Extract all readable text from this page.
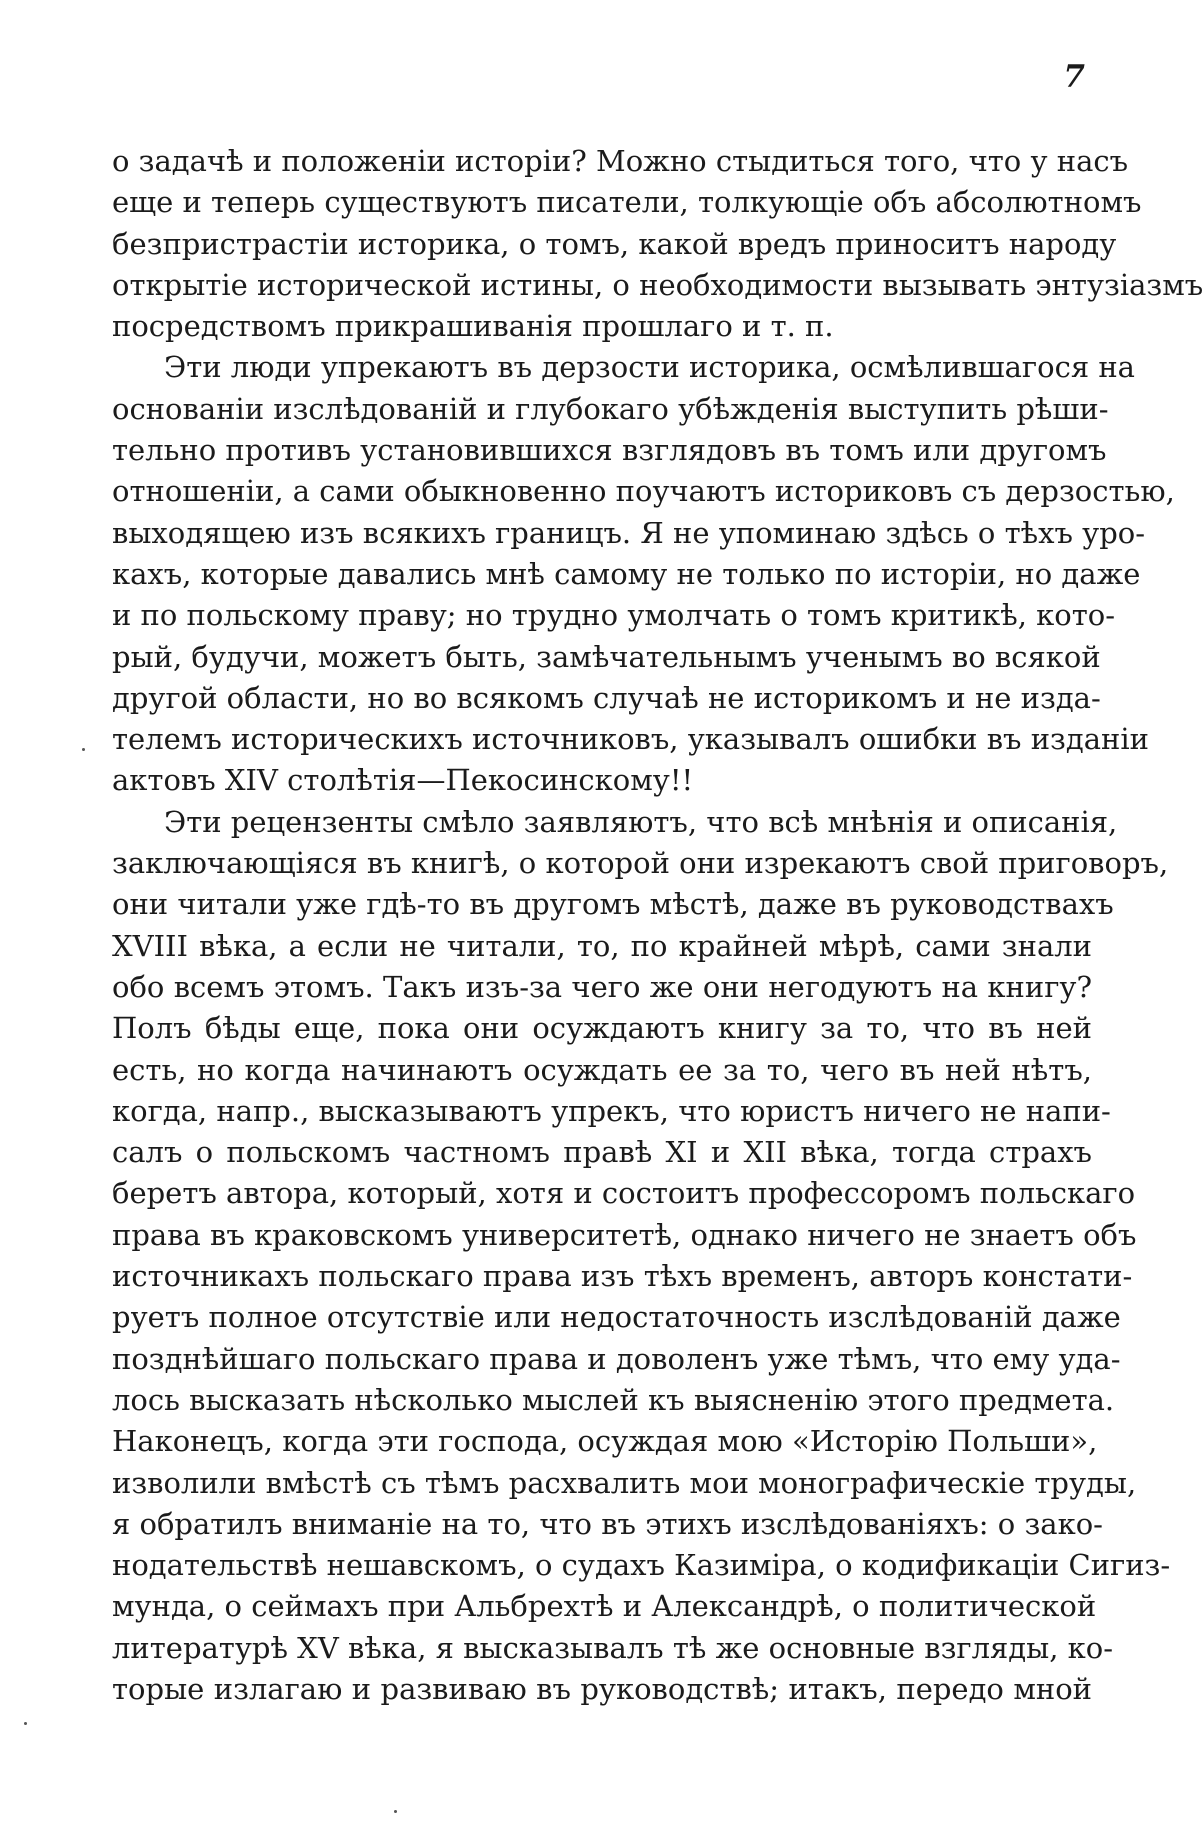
7
о задачѣ и положеніи исторіи? Можно стыдиться того, что у насъ
еще и теперь существуютъ писатели, толкующіе объ абсолютномъ
безпристрастіи историка, о томъ, какой вредъ приноситъ народу
открытіе исторической истины, о необходимости вызывать энтузіазмъ
посредствомъ прикрашиванія прошлаго и т. п.
Эти люди упрекаютъ въ дерзости историка, осмѣлившагося на
основаніи изслѣдованій и глубокаго убѣжденія выступить рѣши-
тельно противъ установившихся взглядовъ въ томъ или другомъ
отношеніи, а сами обыкновенно поучаютъ историковъ съ дерзостью,
выходящею изъ всякихъ границъ. Я не упоминаю здѣсь о тѣхъ уро-
кахъ, которые давались мнѣ самому не только по исторіи, но даже
и по польскому праву; но трудно умолчать о томъ критикѣ, кото-
рый, будучи, можетъ быть, замѣчательнымъ ученымъ во всякой
другой области, но во всякомъ случаѣ не историкомъ и не изда-
телемъ историческихъ источниковъ, указывалъ ошибки въ изданіи
актовъ XIV столѣтія—Пекосинскому!!
Эти рецензенты смѣло заявляютъ, что всѣ мнѣнія и описанія,
заключающіяся въ книгѣ, о которой они изрекаютъ свой приговоръ,
они читали уже гдѣ-то въ другомъ мѣстѣ, даже въ руководствахъ
XVIII вѣка, а если не читали, то, по крайней мѣрѣ, сами знали
обо всемъ этомъ. Такъ изъ-за чего же они негодуютъ на книгу?
Полъ бѣды еще, пока они осуждаютъ книгу за то, что въ ней
есть, но когда начинаютъ осуждать ее за то, чего въ ней нѣтъ,
когда, напр., высказываютъ упрекъ, что юристъ ничего не напи-
салъ о польскомъ частномъ правѣ XI и XII вѣка, тогда страхъ
беретъ автора, который, хотя и состоитъ профессоромъ польскаго
права въ краковскомъ университетѣ, однако ничего не знаетъ объ
источникахъ польскаго права изъ тѣхъ временъ, авторъ констати-
руетъ полное отсутствіе или недостаточность изслѣдованій даже
позднѣйшаго польскаго права и доволенъ уже тѣмъ, что ему уда-
лось высказать нѣсколько мыслей къ выясненію этого предмета.
Наконецъ, когда эти господа, осуждая мою «Исторію Польши»,
изволили вмѣстѣ съ тѣмъ расхвалить мои монографическіе труды,
я обратилъ вниманіе на то, что въ этихъ изслѣдованіяхъ: о зако-
нодательствѣ нешавскомъ, о судахъ Казиміра, о кодификаціи Сигиз-
мунда, о сеймахъ при Альбрехтѣ и Александрѣ, о политической
литературѣ XV вѣка, я высказывалъ тѣ же основные взгляды, ко-
торые излагаю и развиваю въ руководствѣ; итакъ, передо мной
